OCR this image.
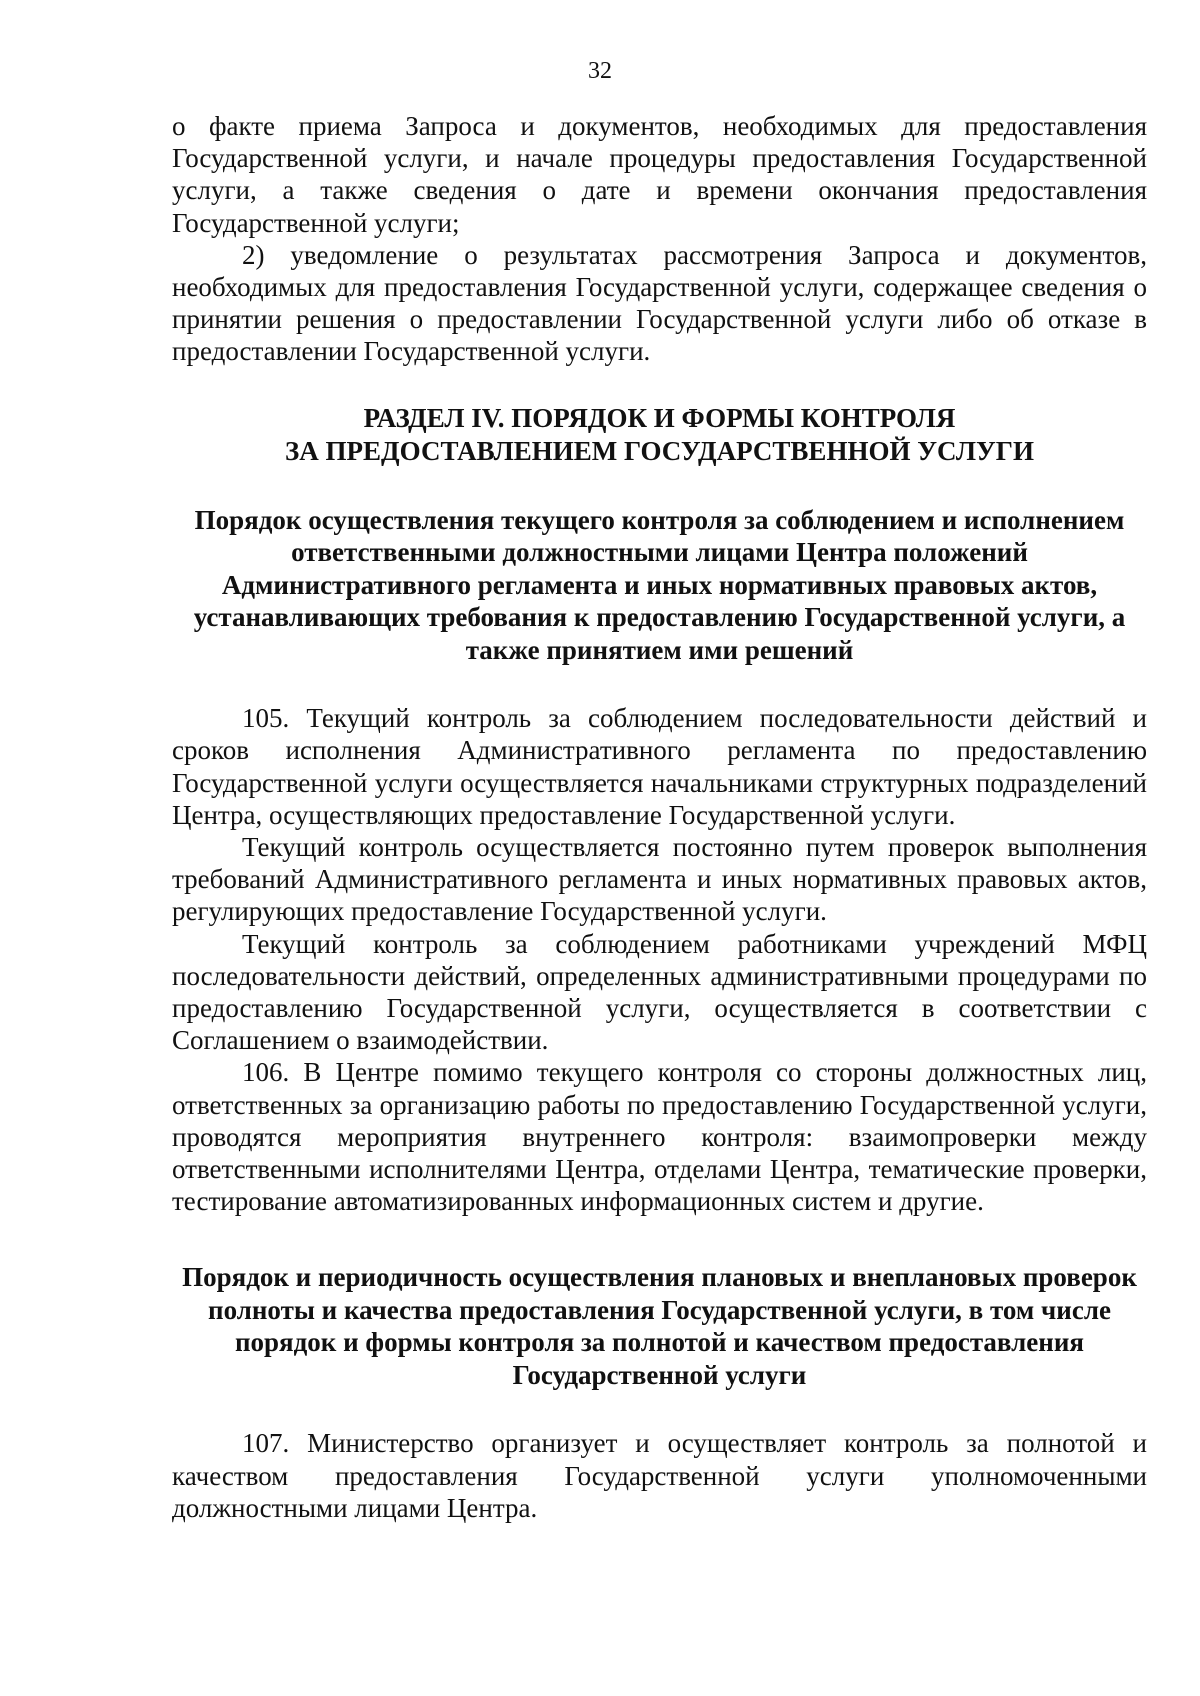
32

о факте приема Запроса и документов, необходимых для предоставления Государственной услуги, и начале процедуры предоставления Государственной услуги, а также сведения о дате и времени окончания предоставления Государственной услуги;

2) уведомление о результатах рассмотрения Запроса и документов, необходимых для предоставления Государственной услуги, содержащее сведения о принятии решения о предоставлении Государственной услуги либо об отказе в предоставлении Государственной услуги.

РАЗДЕЛ IV. ПОРЯДОК И ФОРМЫ КОНТРОЛЯ
ЗА ПРЕДОСТАВЛЕНИЕМ ГОСУДАРСТВЕННОЙ УСЛУГИ
Порядок осуществления текущего контроля за соблюдением и исполнением ответственными должностными лицами Центра положений Административного регламента и иных нормативных правовых актов, устанавливающих требования к предоставлению Государственной услуги, а также принятием ими решений

105. Текущий контроль за соблюдением последовательности действий и сроков исполнения Административного регламента по предоставлению Государственной услуги осуществляется начальниками структурных подразделений Центра, осуществляющих предоставление Государственной услуги.

Текущий контроль осуществляется постоянно путем проверок выполнения требований Административного регламента и иных нормативных правовых актов, регулирующих предоставление Государственной услуги.

Текущий контроль за соблюдением работниками учреждений МФЦ последовательности действий, определенных административными процедурами по предоставлению Государственной услуги, осуществляется в соответствии с Соглашением о взаимодействии.

106. В Центре помимо текущего контроля со стороны должностных лиц, ответственных за организацию работы по предоставлению Государственной услуги, проводятся мероприятия внутреннего контроля: взаимопроверки между ответственными исполнителями Центра, отделами Центра, тематические проверки, тестирование автоматизированных информационных систем и другие.

Порядок и периодичность осуществления плановых и внеплановых проверок полноты и качества предоставления Государственной услуги, в том числе порядок и формы контроля за полнотой и качеством предоставления Государственной услуги

107. Министерство организует и осуществляет контроль за полнотой и качеством предоставления Государственной услуги уполномоченными должностными лицами Центра.
